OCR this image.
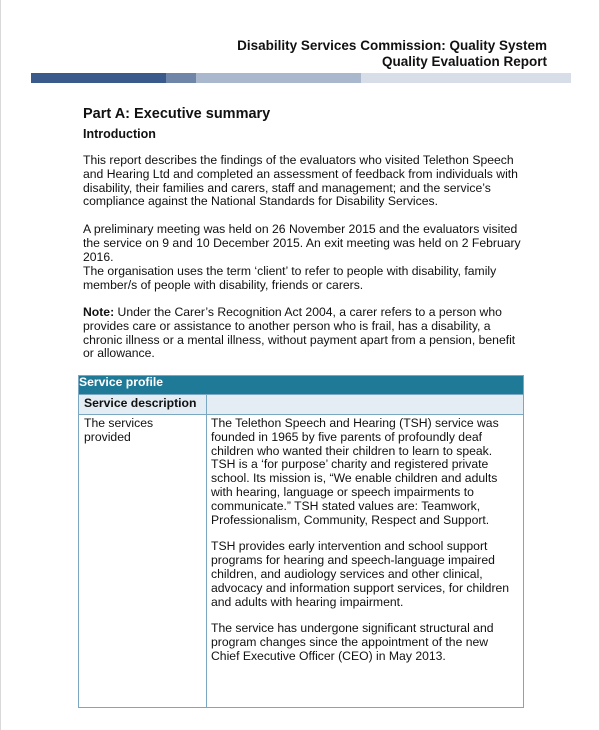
Disability Services Commission: Quality System
Quality Evaluation Report
Part A: Executive summary
Introduction
This report describes the findings of the evaluators who visited Telethon Speech and Hearing Ltd and completed an assessment of feedback from individuals with disability, their families and carers, staff and management; and the service’s compliance against the National Standards for Disability Services.
A preliminary meeting was held on 26 November 2015 and the evaluators visited the service on 9 and 10 December 2015. An exit meeting was held on 2 February 2016.
The organisation uses the term ‘client’ to refer to people with disability, family member/s of people with disability, friends or carers.
Note: Under the Carer’s Recognition Act 2004, a carer refers to a person who provides care or assistance to another person who is frail, has a disability, a chronic illness or a mental illness, without payment apart from a pension, benefit or allowance.
Service profile	
Service description	
The services provided	The Telethon Speech and Hearing (TSH) service was founded in 1965 by five parents of profoundly deaf children who wanted their children to learn to speak. TSH is a ‘for purpose’ charity and registered private school. Its mission is, “We enable children and adults with hearing, language or speech impairments to communicate.” TSH stated values are: Teamwork, Professionalism, Community, Respect and Support.

TSH provides early intervention and school support programs for hearing and speech-language impaired children, and audiology services and other clinical, advocacy and information support services, for children and adults with hearing impairment.

The service has undergone significant structural and program changes since the appointment of the new Chief Executive Officer (CEO) in May 2013.
